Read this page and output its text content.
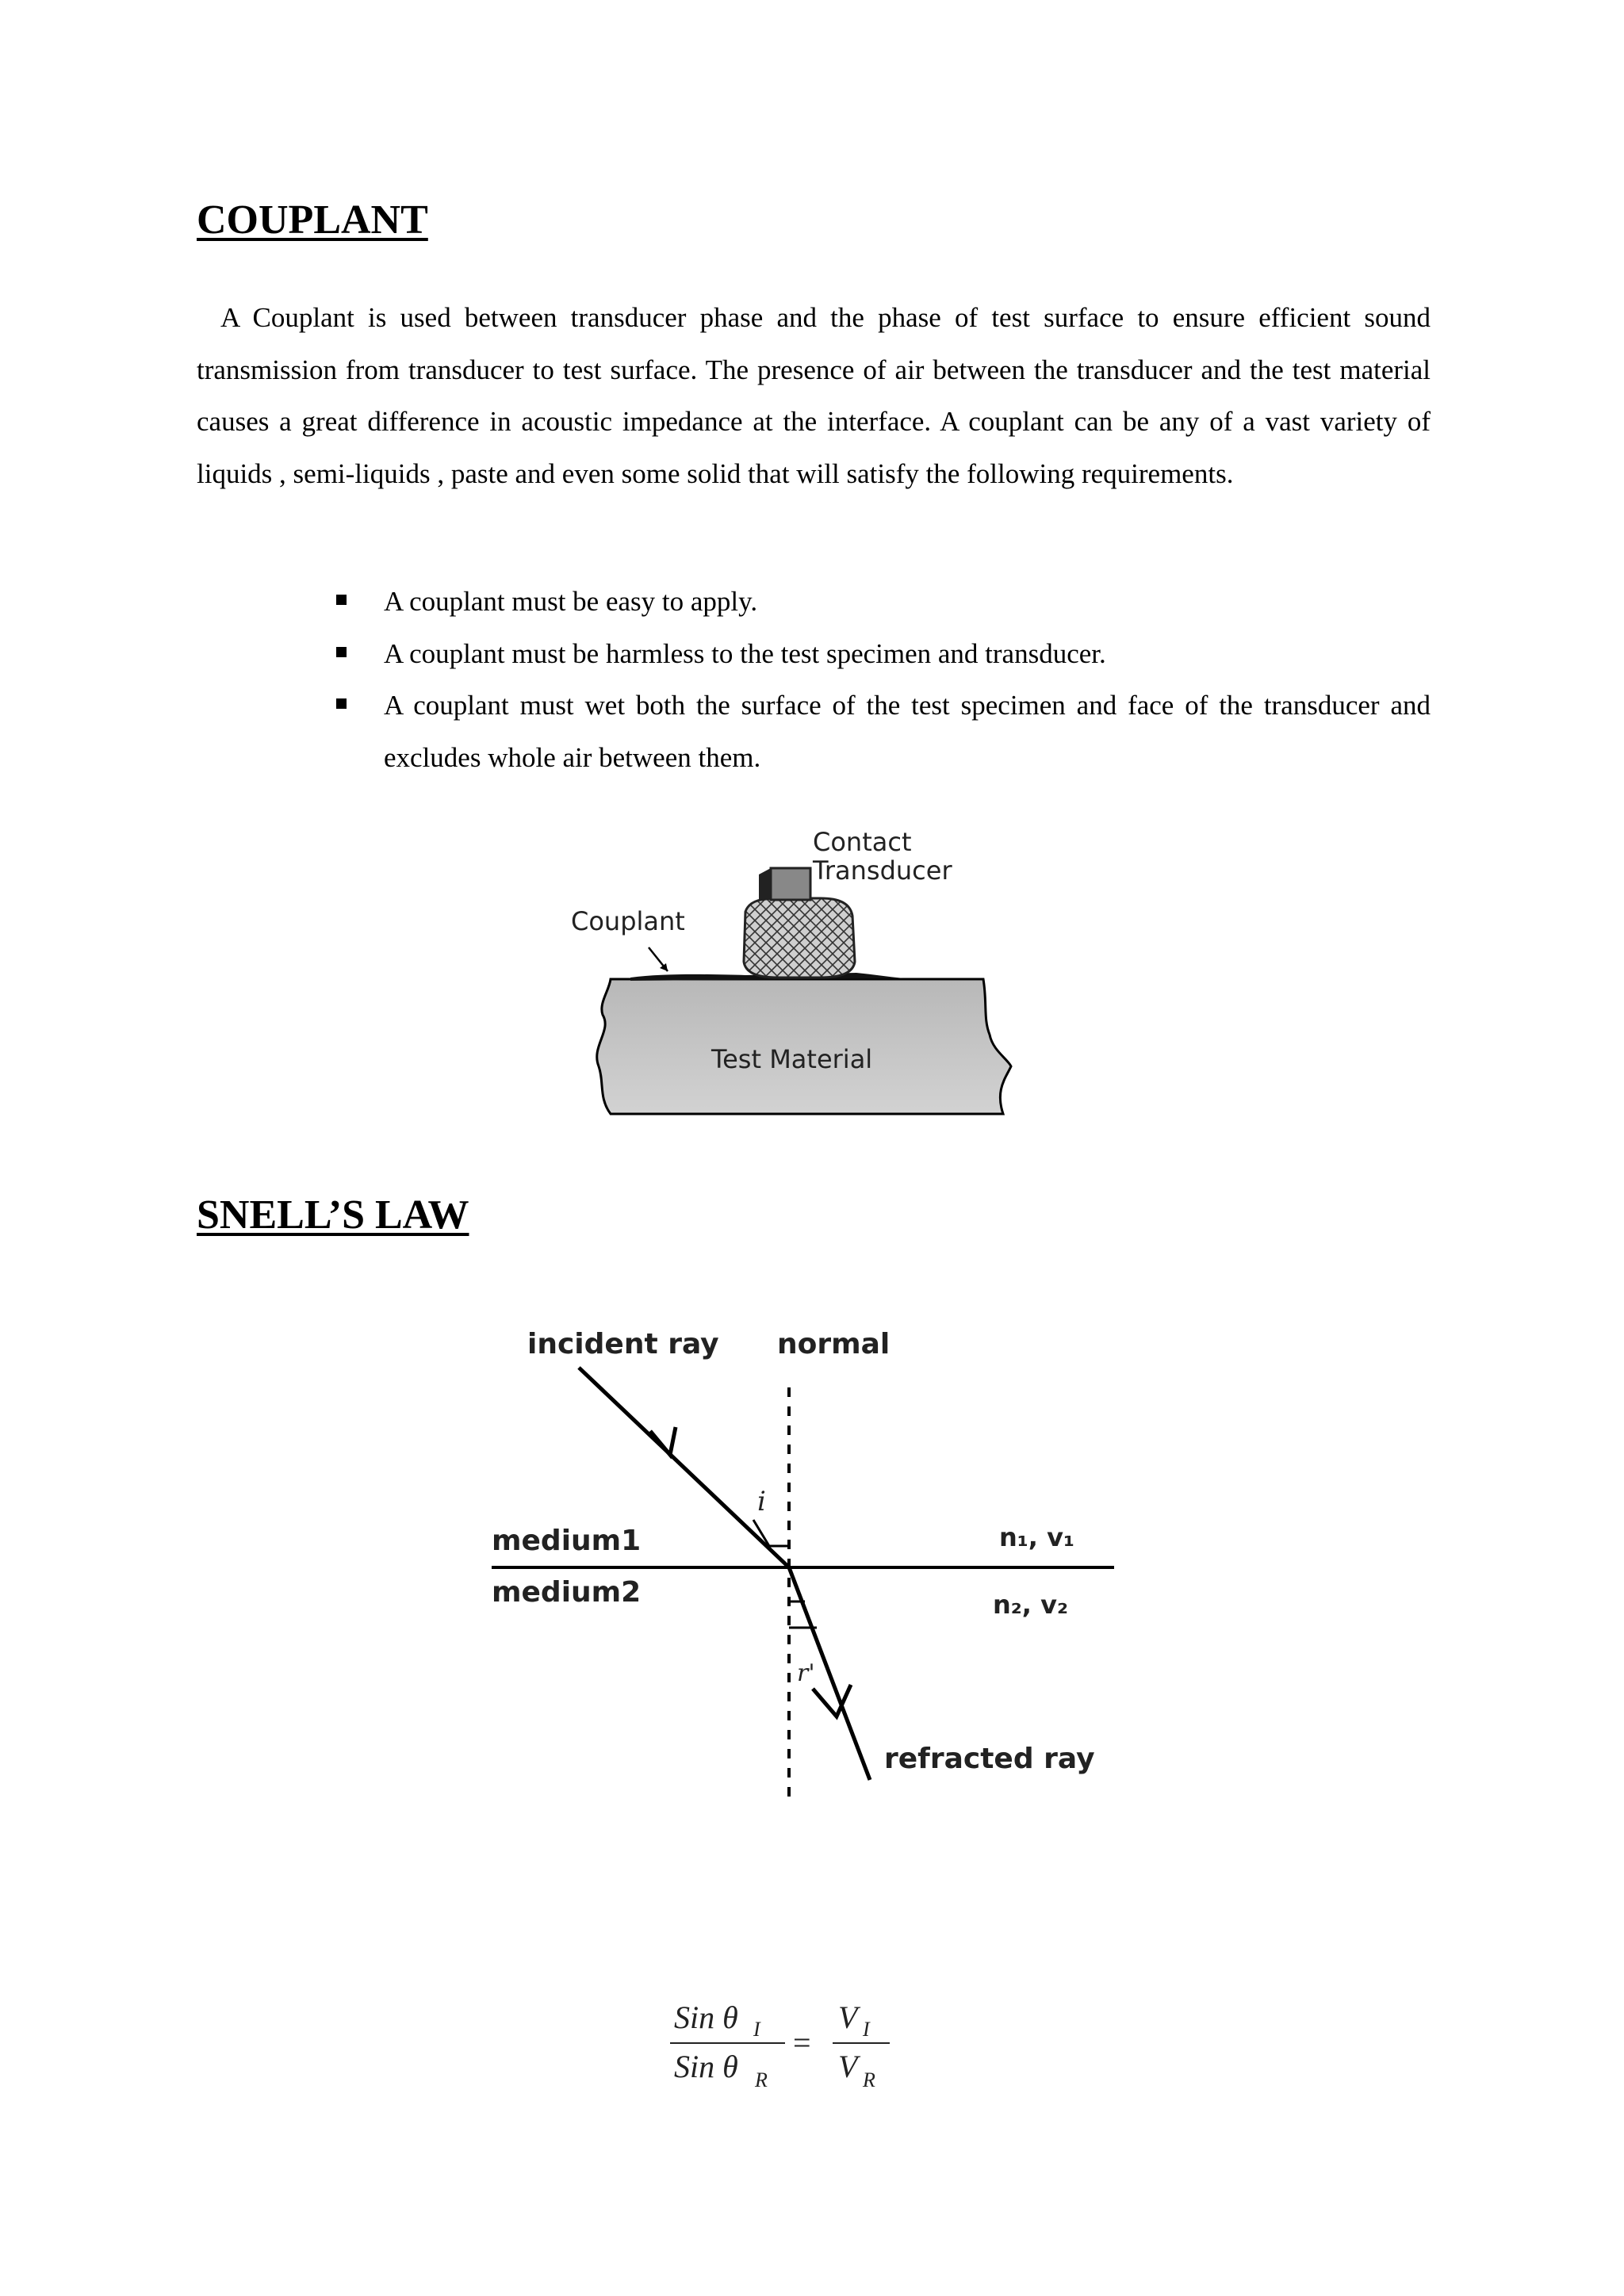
COUPLANT

A Couplant is used between transducer phase and the phase of test surface to ensure efficient sound transmission from transducer to test surface. The presence of air between the transducer and the test material causes a great difference in acoustic impedance at the interface. A couplant can be any of a vast variety of liquids , semi-liquids , paste and even some solid that will satisfy the following requirements.

A couplant must be easy to apply.
A couplant must be harmless to the test specimen and transducer.
A couplant must wet both the surface of the test specimen and face of the transducer and excludes whole air between them.
Contact
Transducer
Couplant
Test Material
SNELL’S LAW
incident ray normal
medium1
medium2
n₁, v₁
n₂, v₂
i
r'
refracted ray
Sin θ I
Sin θ R
V I
V R
=
